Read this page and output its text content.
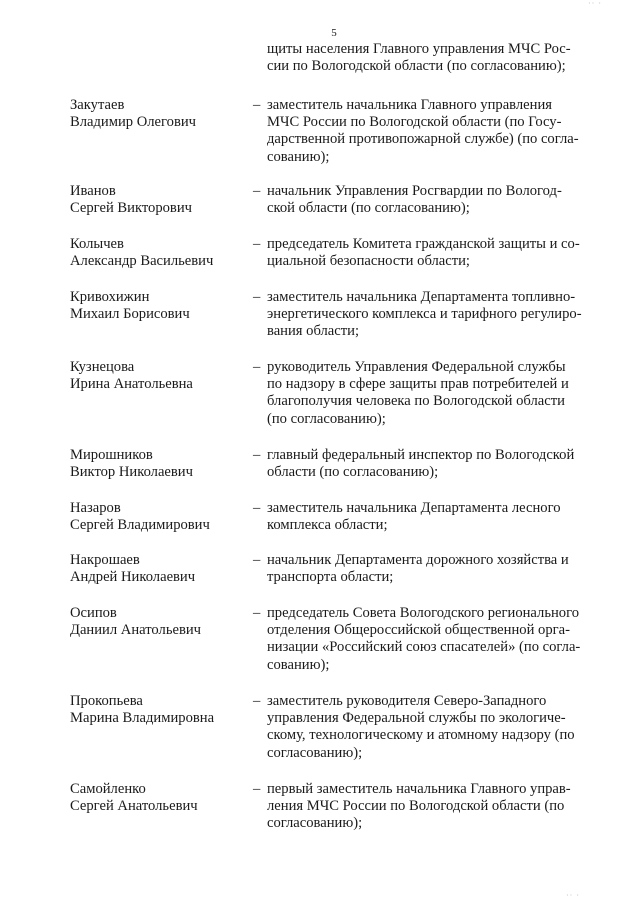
·· ·
5
щиты населения Главного управления МЧС Рос-
сии по Вологодской области (по согласованию);
Закутаев
Владимир Олегович
– заместитель начальника Главного управления
МЧС России по Вологодской области (по Госу-
дарственной противопожарной службе) (по согла-
сованию);
Иванов
Сергей Викторович
– начальник Управления Росгвардии по Вологод-
ской области (по согласованию);
Колычев
Александр Васильевич
– председатель Комитета гражданской защиты и со-
циальной безопасности области;
Кривохижин
Михаил Борисович
– заместитель начальника Департамента топливно-
энергетического комплекса и тарифного регулиро-
вания области;
Кузнецова
Ирина Анатольевна
– руководитель Управления Федеральной службы
по надзору в сфере защиты прав потребителей и
благополучия человека по Вологодской области
(по согласованию);
Мирошников
Виктор Николаевич
– главный федеральный инспектор по Вологодской
области (по согласованию);
Назаров
Сергей Владимирович
– заместитель начальника Департамента лесного
комплекса области;
Накрошаев
Андрей Николаевич
– начальник Департамента дорожного хозяйства и
транспорта области;
Осипов
Даниил Анатольевич
– председатель Совета Вологодского регионального
отделения Общероссийской общественной орга-
низации «Российский союз спасателей» (по согла-
сованию);
Прокопьева
Марина Владимировна
– заместитель руководителя Северо-Западного
управления Федеральной службы по экологиче-
скому, технологическому и атомному надзору (по
согласованию);
Самойленко
Сергей Анатольевич
– первый заместитель начальника Главного управ-
ления МЧС России по Вологодской области (по
согласованию);
·· ·
